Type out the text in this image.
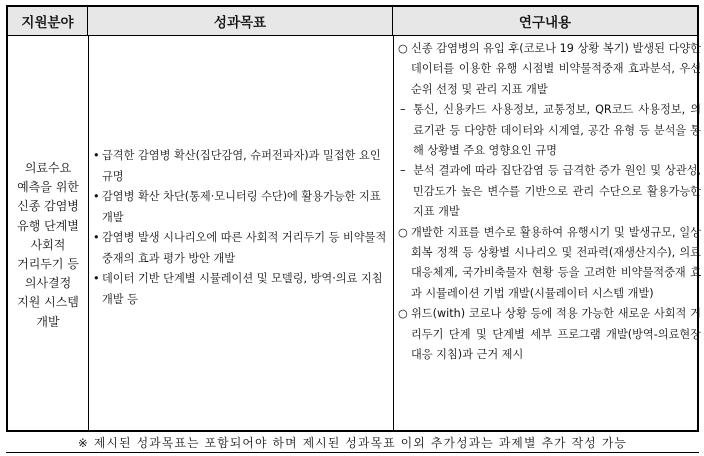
지원분야	성과목표	연구내용
의료수요
예측을 위한
신종 감염병
유행 단계별
사회적
거리두기 등
의사결정
지원 시스템
개발
• 급격한 감염병 확산(집단감염, 슈퍼전파자)과 밀접한 요인 규명
• 감염병 확산 차단(통제·모니터링 수단)에 활용가능한 지표 개발
• 감염병 발생 시나리오에 따른 사회적 거리두기 등 비약물적중재의 효과 평가 방안 개발
• 데이터 기반 단계별 시뮬레이션 및 모델링, 방역·의료 지침 개발 등
○ 신종 감염병의 유입 후(코로나 19 상황 복기) 발생된 다양한 데이터를 이용한 유행 시점별 비약물적중재 효과분석, 우선순위 선정 및 관리 지표 개발
– 통신, 신용카드 사용정보, 교통정보, QR코드 사용정보, 의료기관 등 다양한 데이터와 시계열, 공간 유형 등 분석을 통해 상황별 주요 영향요인 규명
– 분석 결과에 따라 집단감염 등 급격한 증가 원인 및 상관성, 민감도가 높은 변수를 기반으로 관리 수단으로 활용가능한 지표 개발
○ 개발한 지표를 변수로 활용하여 유행시기 및 발생규모, 일상회복 정책 등 상황별 시나리오 및 전파력(재생산지수), 의료대응체계, 국가비축물자 현황 등을 고려한 비약물적중재 효과 시뮬레이션 기법 개발(시뮬레이터 시스템 개발)
○ 위드(with) 코로나 상황 등에 적용 가능한 새로운 사회적 거리두기 단계 및 단계별 세부 프로그램 개발(방역-의료현장 대응 지침)과 근거 제시
※ 제시된 성과목표는 포함되어야 하며 제시된 성과목표 이외 추가성과는 과제별 추가 작성 가능
